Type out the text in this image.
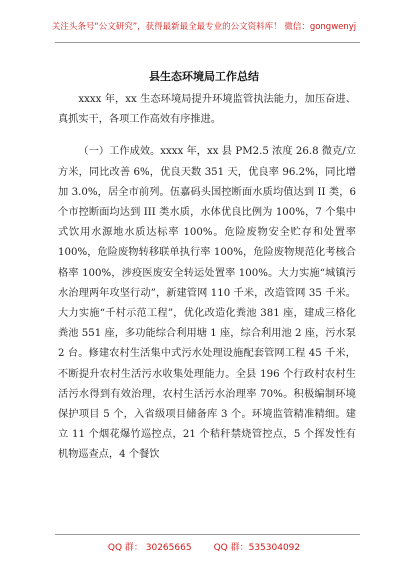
关注头条号“公文研究”，获得最新最全最专业的公文资料库！ 微信：gongwenyj
县生态环境局工作总结

xxxx 年，xx 生态环境局提升环境监管执法能力，加压奋进、真抓实干，各项工作高效有序推进。

（一）工作成效。xxxx 年，xx 县 PM2.5 浓度 26.8 微克/立方米，同比改善 6%，优良天数 351 天，优良率 96.2%，同比增加 3.0%，居全市前列。伍嘉码头国控断面水质均值达到 II 类，6 个市控断面均达到 III 类水质，水体优良比例为 100%，7 个集中式饮用水源地水质达标率 100%。危险废物安全贮存和处置率 100%，危险废物转移联单执行率 100%，危险废物规范化考核合格率 100%，涉疫医废安全转运处置率 100%。大力实施“城镇污水治理两年攻坚行动”，新建管网 110 千米，改造管网 35 千米。大力实施“千村示范工程”，优化改造化粪池 381 座，建成三格化粪池 551 座，多功能综合利用塘 1 座，综合利用池 2 座，污水泵 2 台。修建农村生活集中式污水处理设施配套管网工程 45 千米，不断提升农村生活污水收集处理能力。全县 196 个行政村农村生活污水得到有效治理，农村生活污水治理率 70%。积极编制环境保护项目 5 个，入省级项目储备库 3 个。环境监管精准精细。建立 11 个烟花爆竹巡控点，21 个秸秆禁烧管控点，5 个挥发性有机物巡查点，4 个餐饮

QQ 群： 30265665 QQ 群：535304092
